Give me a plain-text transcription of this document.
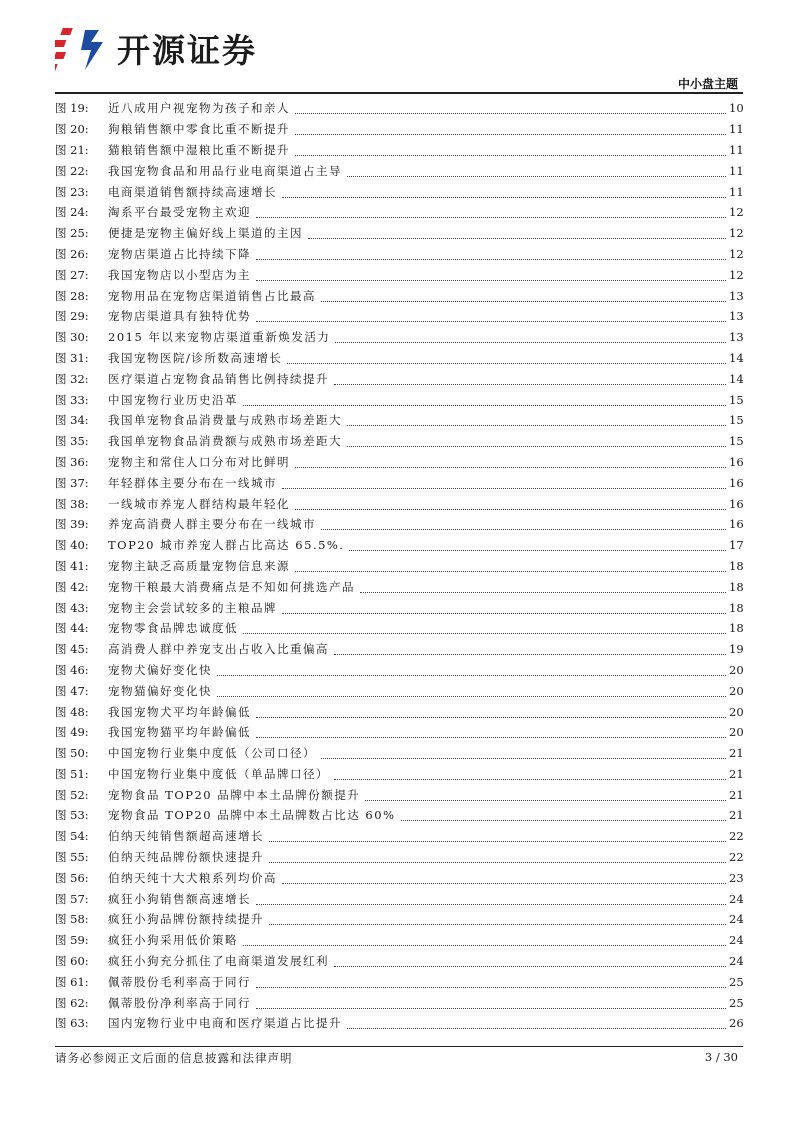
开源证券
中小盘主题
图 19:	近八成用户视宠物为孩子和亲人	10
图 20:	狗粮销售额中零食比重不断提升	11
图 21:	猫粮销售额中湿粮比重不断提升	11
图 22:	我国宠物食品和用品行业电商渠道占主导	11
图 23:	电商渠道销售额持续高速增长	11
图 24:	淘系平台最受宠物主欢迎	12
图 25:	便捷是宠物主偏好线上渠道的主因	12
图 26:	宠物店渠道占比持续下降	12
图 27:	我国宠物店以小型店为主	12
图 28:	宠物用品在宠物店渠道销售占比最高	13
图 29:	宠物店渠道具有独特优势	13
图 30:	2015 年以来宠物店渠道重新焕发活力	13
图 31:	我国宠物医院/诊所数高速增长	14
图 32:	医疗渠道占宠物食品销售比例持续提升	14
图 33:	中国宠物行业历史沿革	15
图 34:	我国单宠物食品消费量与成熟市场差距大	15
图 35:	我国单宠物食品消费额与成熟市场差距大	15
图 36:	宠物主和常住人口分布对比鲜明	16
图 37:	年轻群体主要分布在一线城市	16
图 38:	一线城市养宠人群结构最年轻化	16
图 39:	养宠高消费人群主要分布在一线城市	16
图 40:	TOP20 城市养宠人群占比高达 65.5%.	17
图 41:	宠物主缺乏高质量宠物信息来源	18
图 42:	宠物干粮最大消费痛点是不知如何挑选产品	18
图 43:	宠物主会尝试较多的主粮品牌	18
图 44:	宠物零食品牌忠诚度低	18
图 45:	高消费人群中养宠支出占收入比重偏高	19
图 46:	宠物犬偏好变化快	20
图 47:	宠物猫偏好变化快	20
图 48:	我国宠物犬平均年龄偏低	20
图 49:	我国宠物猫平均年龄偏低	20
图 50:	中国宠物行业集中度低（公司口径）	21
图 51:	中国宠物行业集中度低（单品牌口径）	21
图 52:	宠物食品 TOP20 品牌中本土品牌份额提升	21
图 53:	宠物食品 TOP20 品牌中本土品牌数占比达 60%	21
图 54:	伯纳天纯销售额超高速增长	22
图 55:	伯纳天纯品牌份额快速提升	22
图 56:	伯纳天纯十大犬粮系列均价高	23
图 57:	疯狂小狗销售额高速增长	24
图 58:	疯狂小狗品牌份额持续提升	24
图 59:	疯狂小狗采用低价策略	24
图 60:	疯狂小狗充分抓住了电商渠道发展红利	24
图 61:	佩蒂股份毛利率高于同行	25
图 62:	佩蒂股份净利率高于同行	25
图 63:	国内宠物行业中电商和医疗渠道占比提升	26
请务必参阅正文后面的信息披露和法律声明	3 / 30
